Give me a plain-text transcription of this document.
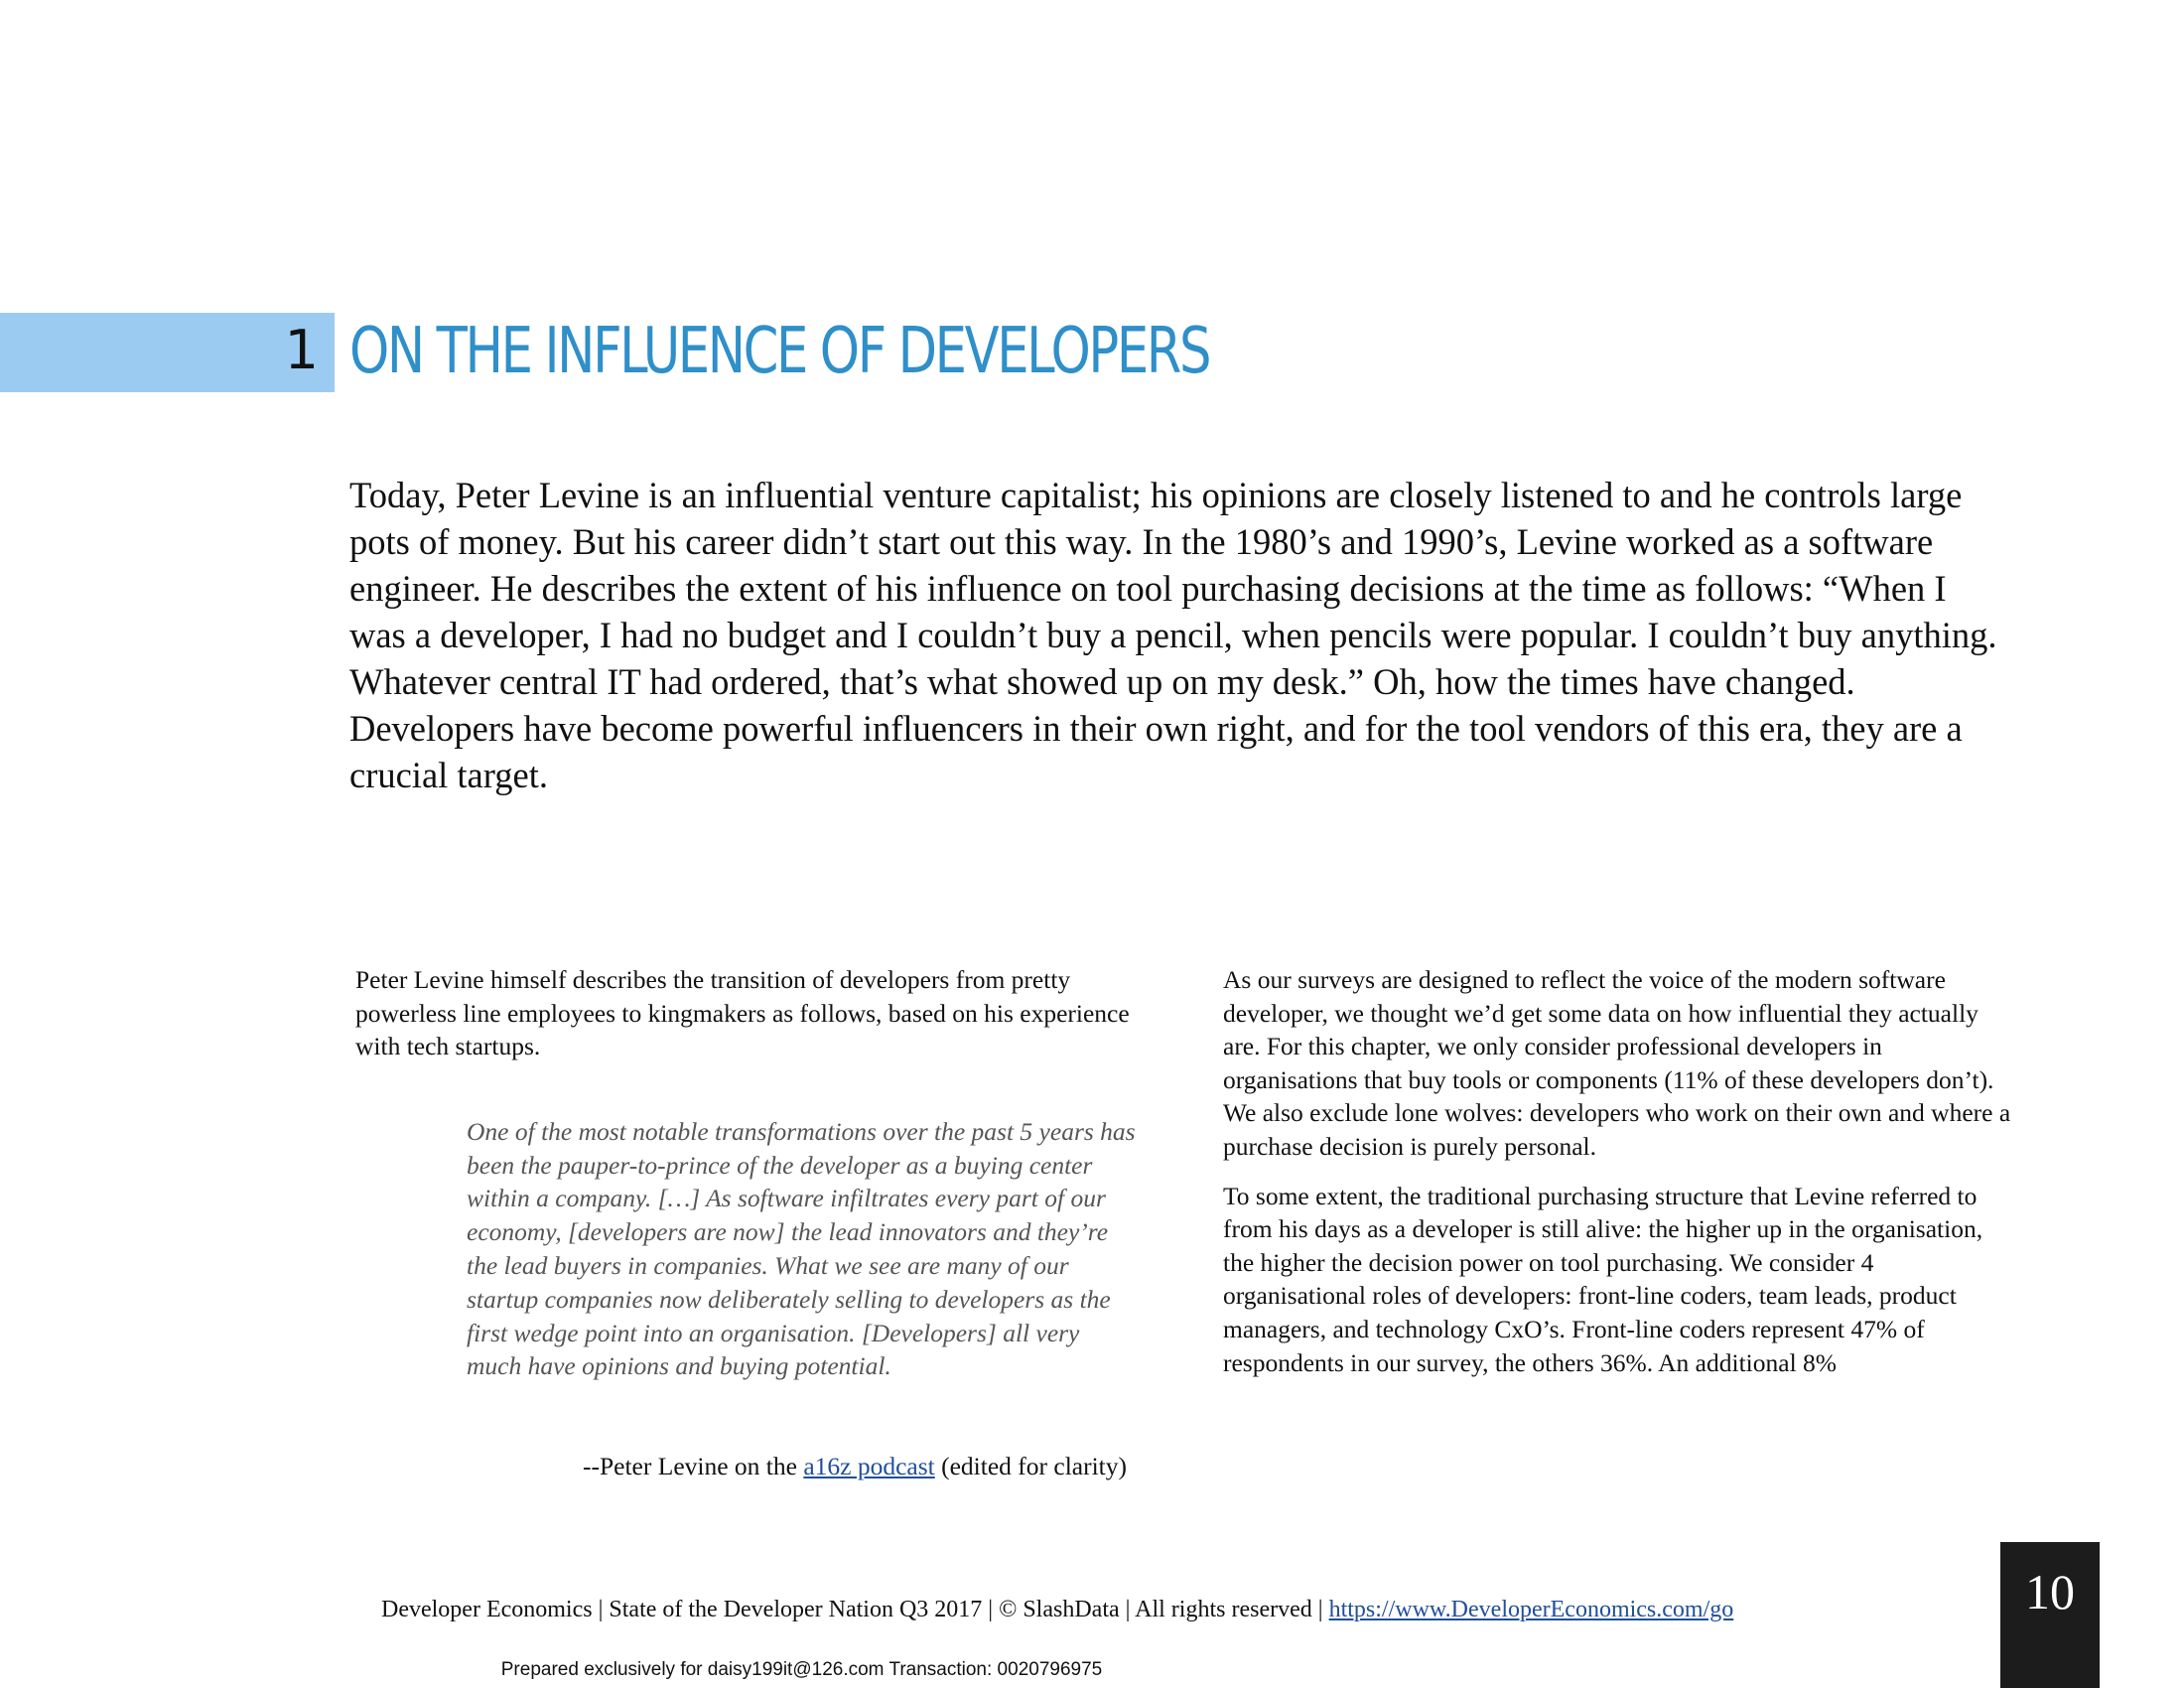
1 ON THE INFLUENCE OF DEVELOPERS

Today, Peter Levine is an influential venture capitalist; his opinions are closely listened to and he controls large pots of money. But his career didn’t start out this way. In the 1980’s and 1990’s, Levine worked as a software engineer. He describes the extent of his influence on tool purchasing decisions at the time as follows: “When I was a developer, I had no budget and I couldn’t buy a pencil, when pencils were popular. I couldn’t buy anything. Whatever central IT had ordered, that’s what showed up on my desk.” Oh, how the times have changed. Developers have become powerful influencers in their own right, and for the tool vendors of this era, they are a crucial target.

Peter Levine himself describes the transition of developers from pretty powerless line employees to kingmakers as follows, based on his experience with tech startups.

One of the most notable transformations over the past 5 years has been the pauper-to-prince of the developer as a buying center within a company. […] As software infiltrates every part of our economy, [developers are now] the lead innovators and they’re the lead buyers in companies. What we see are many of our startup companies now deliberately selling to developers as the first wedge point into an organisation. [Developers] all very much have opinions and buying potential.

--Peter Levine on the a16z podcast (edited for clarity)

As our surveys are designed to reflect the voice of the modern software developer, we thought we’d get some data on how influential they actually are. For this chapter, we only consider professional developers in organisations that buy tools or components (11% of these developers don’t). We also exclude lone wolves: developers who work on their own and where a purchase decision is purely personal.

To some extent, the traditional purchasing structure that Levine referred to from his days as a developer is still alive: the higher up in the organisation, the higher the decision power on tool purchasing. We consider 4 organisational roles of developers: front-line coders, team leads, product managers, and technology CxO’s. Front-line coders represent 47% of respondents in our survey, the others 36%. An additional 8%

Developer Economics | State of the Developer Nation Q3 2017 | © SlashData | All rights reserved | https://www.DeveloperEconomics.com/go	10

Prepared exclusively for daisy199it@126.com Transaction: 0020796975
